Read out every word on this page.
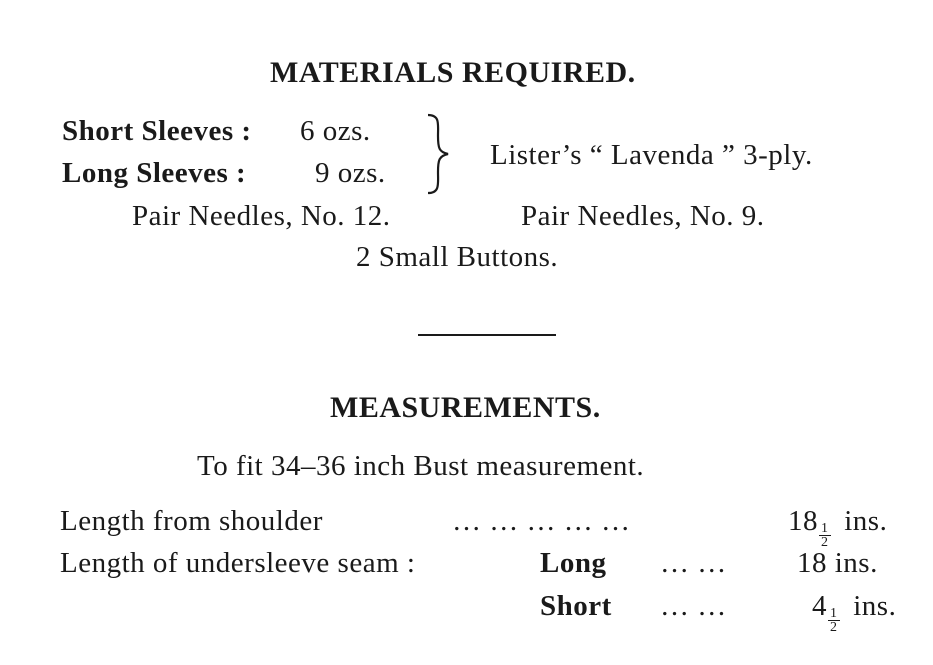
MATERIALS REQUIRED.
Short Sleeves : 6 ozs.
Long Sleeves : 9 ozs.
Lister’s “ Lavenda ” 3-ply.
Pair Needles, No. 12.	Pair Needles, No. 9.
2 Small Buttons.
MEASUREMENTS.
To fit 34–36 inch Bust measurement.
Length from shoulder	… … … … …	$18 \frac{1}{2}$ ins.
Length of undersleeve seam :	Long … … 18 ins.
Short … …	$4 \frac{1}{2}$ ins.
